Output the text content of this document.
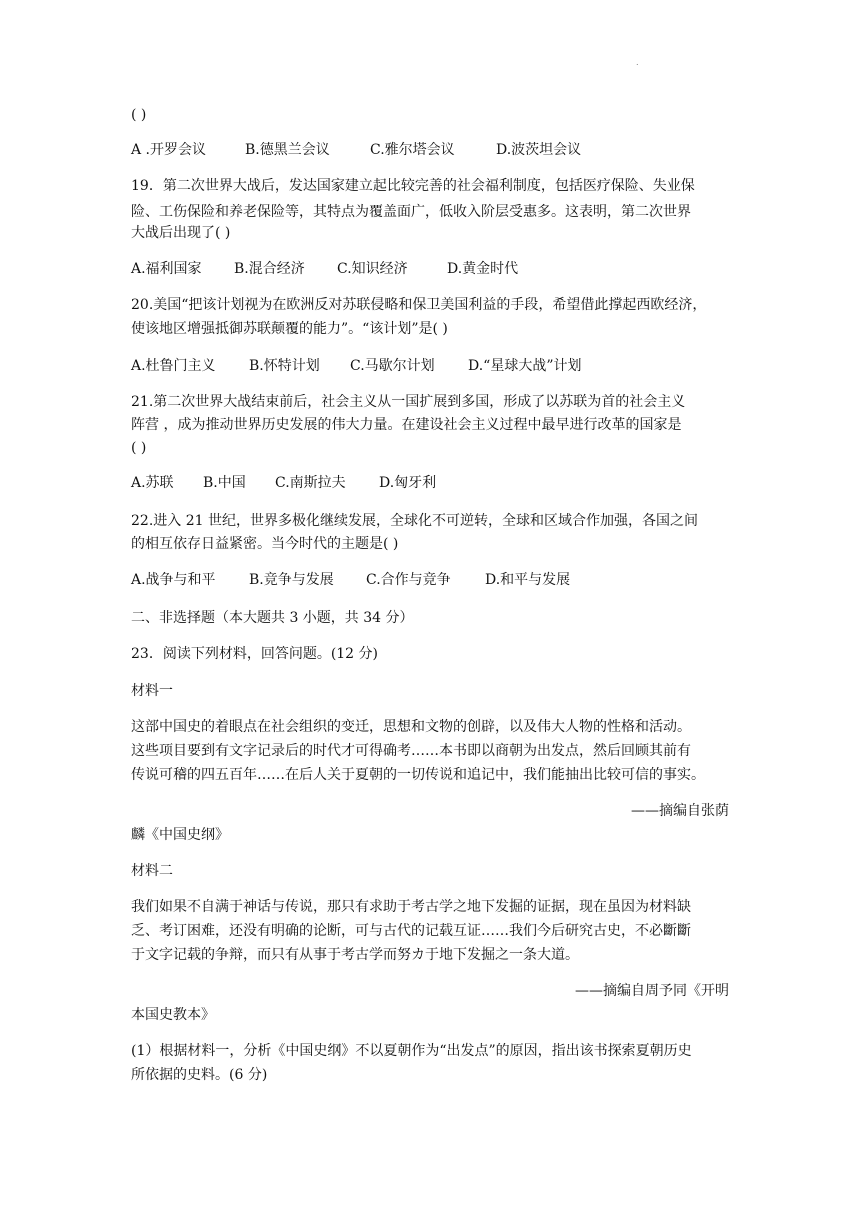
.
( )
A .开罗会议	B.德黑兰会议	C.雅尔塔会议	D.波茨坦会议
19．第二次世界大战后，发达国家建立起比较完善的社会福利制度，包括医疗保险、失业保
险、工伤保险和养老保险等，其特点为覆盖面广，低收入阶层受惠多。这表明，第二次世界
大战后出现了( )
A.福利国家	B.混合经济	C.知识经济	D.黄金时代
20.美国“把该计划视为在欧洲反对苏联侵略和保卫美国利益的手段，希望借此撑起西欧经济，
使该地区增强抵御苏联颠覆的能力”。“该计划”是( )
A.杜鲁门主义	B.怀特计划	C.马歇尔计划	D.“星球大战”计划
21.第二次世界大战结束前后，社会主义从一国扩展到多国，形成了以苏联为首的社会主义
阵营 ，成为推动世界历史发展的伟大力量。在建设社会主义过程中最早进行改革的国家是
( )
A.苏联	B.中国	C.南斯拉夫	D.匈牙利
22.进入 21 世纪，世界多极化继续发展，全球化不可逆转，全球和区域合作加强，各国之间
的相互依存日益紧密。当今时代的主题是( )
A.战争与和平	B.竞争与发展	C.合作与竞争	D.和平与发展
二、非选择题（本大题共 3 小题，共 34 分）
23．阅读下列材料，回答问题。(12 分)
材料一
这部中国史的着眼点在社会组织的变迁，思想和文物的创辟，以及伟大人物的性格和活动。
这些项目要到有文字记录后的时代才可得确考……本书即以商朝为出发点，然后回顾其前有
传说可稽的四五百年……在后人关于夏朝的一切传说和追记中，我们能抽出比较可信的事实。
——摘编自张荫
麟《中国史纲》
材料二
我们如果不自满于神话与传说，那只有求助于考古学之地下发掘的证据，现在虽因为材料缺
乏、考订困难，还没有明确的论断，可与古代的记载互证……我们今后研究古史，不必斷斷
于文字记载的争辩，而只有从事于考古学而努カ于地下发掘之一条大道。
——摘编自周予同《开明
本国史教本》
(1）根据材料一，分析《中国史纲》不以夏朝作为“出发点”的原因，指出该书探索夏朝历史
所依据的史料。(6 分)
